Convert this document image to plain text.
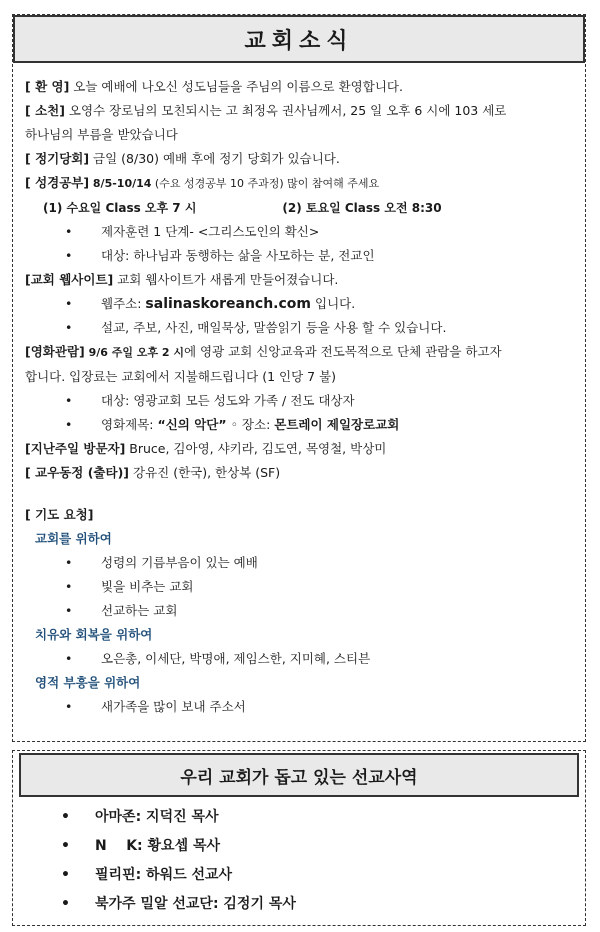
교회소식
[ 환 영] 오늘 예배에 나오신 성도님들을 주님의 이름으로 환영합니다.
[ 소천] 오영수 장로님의 모친되시는 고 최정옥 권사님께서, 25 일 오후 6 시에 103 세로
하나님의 부름을 받았습니다
[ 정기당회] 금일 (8/30) 예배 후에 정기 당회가 있습니다.
[ 성경공부] 8/5-10/14 (수요 성경공부 10 주과정) 많이 참여해 주세요
(1) 수요일 Class 오후 7 시	(2) 토요일 Class 오전 8:30
• 제자훈련 1 단계- <그리스도인의 확신>
• 대상: 하나님과 동행하는 삶을 사모하는 분, 전교인
[교회 웹사이트] 교회 웹사이트가 새롭게 만들어졌습니다.
• 웹주소: salinaskoreanch.com 입니다.
• 설교, 주보, 사진, 매일묵상, 말씀읽기 등을 사용 할 수 있습니다.
[영화관람] 9/6 주일 오후 2 시에 영광 교회 신앙교육과 전도목적으로 단체 관람을 하고자
합니다. 입장료는 교회에서 지불해드립니다 (1 인당 7 불)
• 대상: 영광교회 모든 성도와 가족 / 전도 대상자
• 영화제목: “신의 악단” ◦ 장소: 몬트레이 제일장로교회
[지난주일 방문자] Bruce, 김아영, 샤키라, 김도연, 목영철, 박상미
[ 교우동정 (출타)] 강유진 (한국), 한상복 (SF)
[ 기도 요청]
교회를 위하여
• 성령의 기름부음이 있는 예배
• 빛을 비추는 교회
• 선교하는 교회
치유와 회복을 위하여
• 오은총, 이세단, 박명애, 제임스한, 지미혜, 스티븐
영적 부흥을 위하여
• 새가족을 많이 보내 주소서
우리 교회가 돕고 있는 선교사역
• 아마존: 지덕진 목사
• N    K: 황요셉 목사
• 필리핀: 하워드 선교사
• 북가주 밀알 선교단: 김정기 목사
